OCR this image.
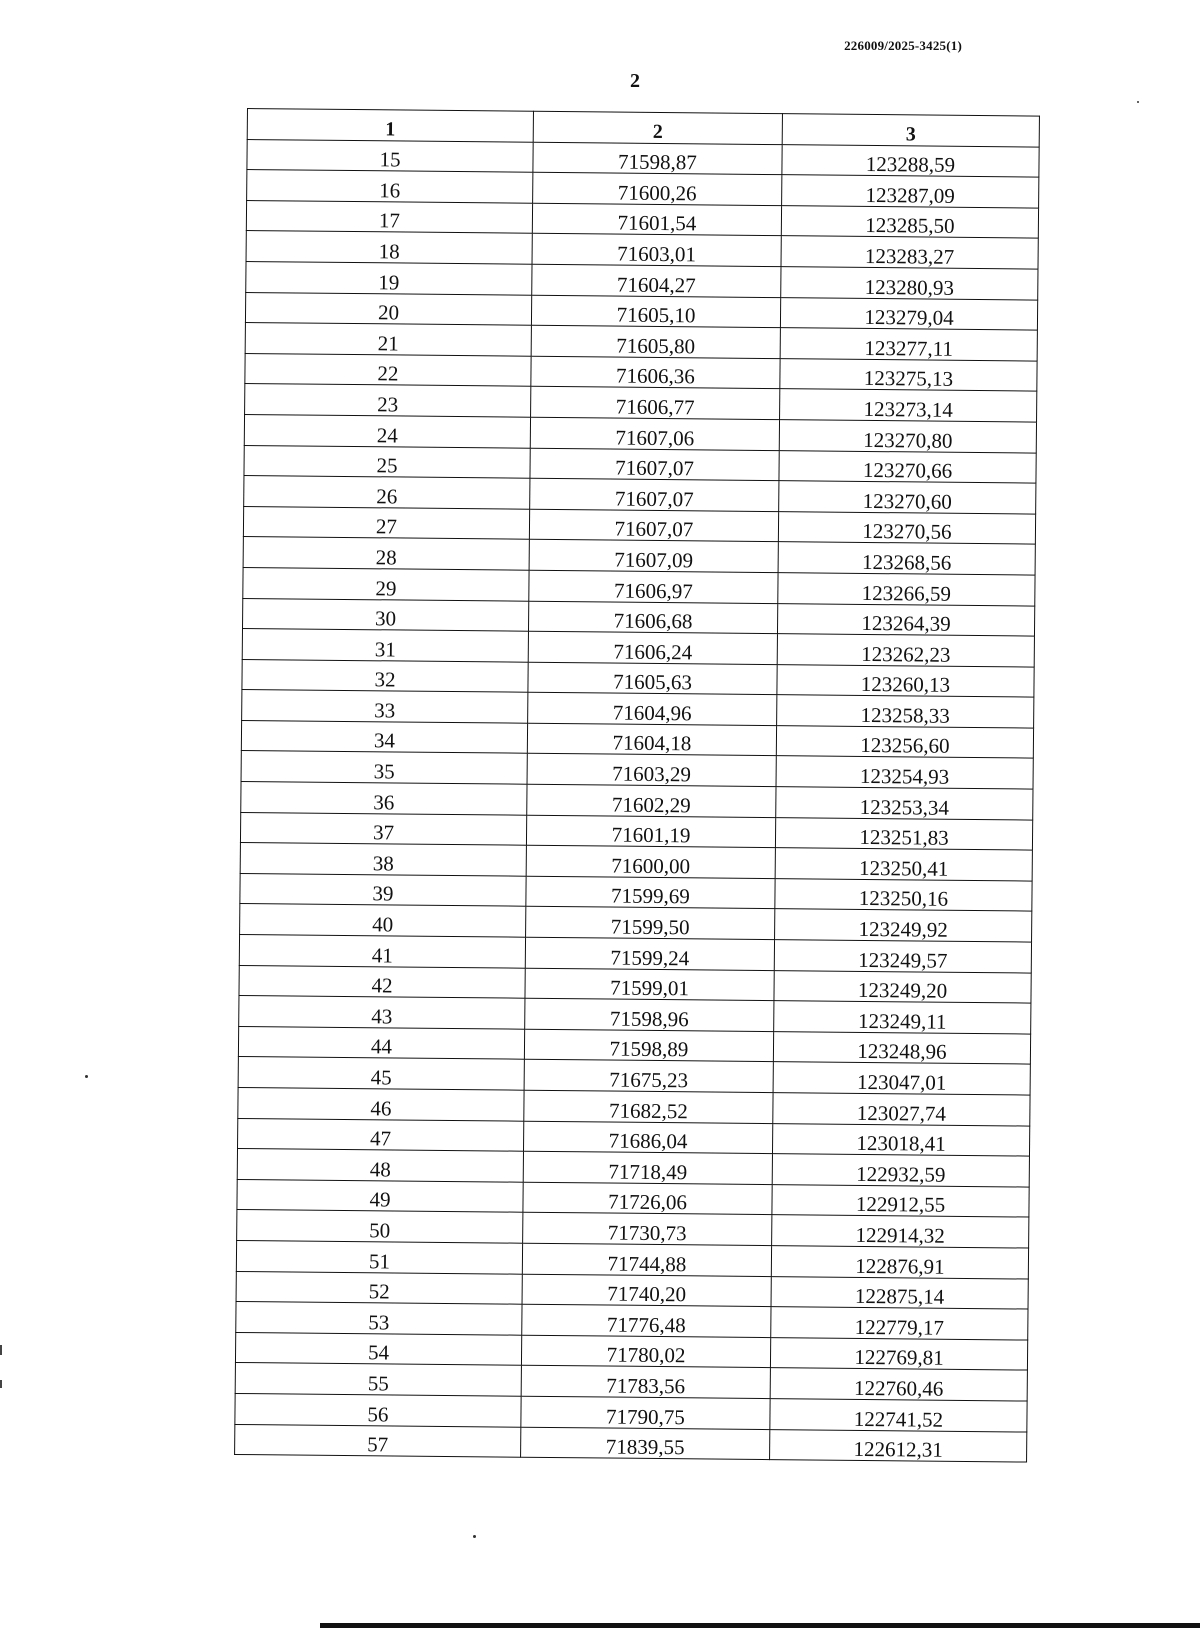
226009/2025-3425(1)
2
1	2	3
15	71598,87	123288,59
16	71600,26	123287,09
17	71601,54	123285,50
18	71603,01	123283,27
19	71604,27	123280,93
20	71605,10	123279,04
21	71605,80	123277,11
22	71606,36	123275,13
23	71606,77	123273,14
24	71607,06	123270,80
25	71607,07	123270,66
26	71607,07	123270,60
27	71607,07	123270,56
28	71607,09	123268,56
29	71606,97	123266,59
30	71606,68	123264,39
31	71606,24	123262,23
32	71605,63	123260,13
33	71604,96	123258,33
34	71604,18	123256,60
35	71603,29	123254,93
36	71602,29	123253,34
37	71601,19	123251,83
38	71600,00	123250,41
39	71599,69	123250,16
40	71599,50	123249,92
41	71599,24	123249,57
42	71599,01	123249,20
43	71598,96	123249,11
44	71598,89	123248,96
45	71675,23	123047,01
46	71682,52	123027,74
47	71686,04	123018,41
48	71718,49	122932,59
49	71726,06	122912,55
50	71730,73	122914,32
51	71744,88	122876,91
52	71740,20	122875,14
53	71776,48	122779,17
54	71780,02	122769,81
55	71783,56	122760,46
56	71790,75	122741,52
57	71839,55	122612,31
